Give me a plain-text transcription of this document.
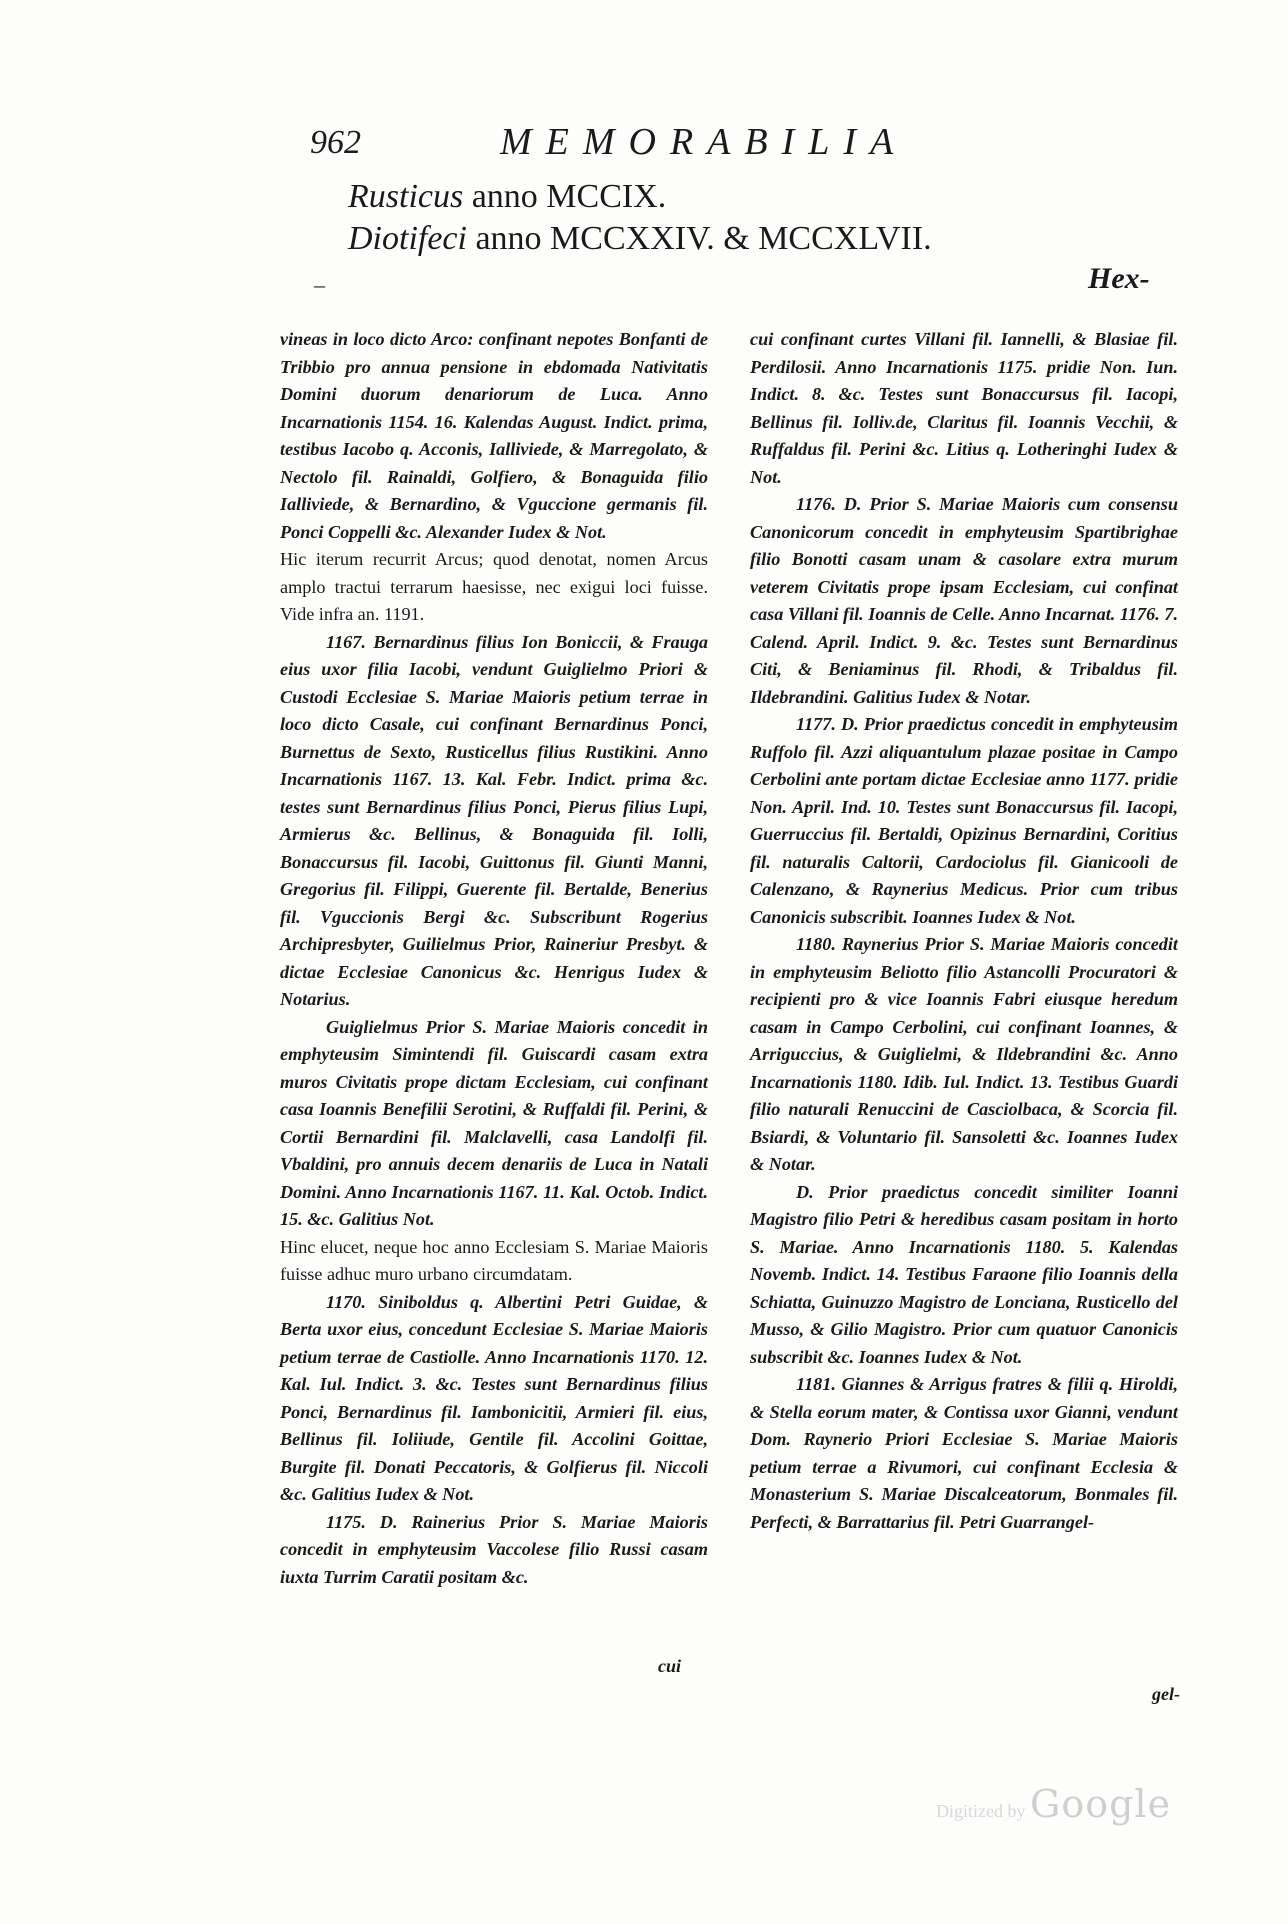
962	MEMORABILIA
Rusticus anno MCCIX.
Diotifeci anno MCCXXIV. & MCCXLVII.
Hex-
–

vineas in loco dicto Arco: confinant nepotes Bonfanti de Tribbio pro annua pensione in ebdomada Nativitatis Domini duorum denariorum de Luca. Anno Incarnationis 1154. 16. Kalendas August. Indict. prima, testibus Iacobo q. Acconis, Ialliviede, & Marregolato, & Nectolo fil. Rainaldi, Golfiero, & Bonaguida filio Ialliviede, & Bernardino, & Vguccione germanis fil. Ponci Coppelli &c. Alexander Iudex & Not.

Hic iterum recurrit Arcus; quod denotat, nomen Arcus amplo tractui terrarum haesisse, nec exigui loci fuisse. Vide infra an. 1191.

1167. Bernardinus filius Ion Boniccii, & Frauga eius uxor filia Iacobi, vendunt Guiglielmo Priori & Custodi Ecclesiae S. Mariae Maioris petium terrae in loco dicto Casale, cui confinant Bernardinus Ponci, Burnettus de Sexto, Rusticellus filius Rustikini. Anno Incarnationis 1167. 13. Kal. Febr. Indict. prima &c. testes sunt Bernardinus filius Ponci, Pierus filius Lupi, Armierus &c. Bellinus, & Bonaguida fil. Iolli, Bonaccursus fil. Iacobi, Guittonus fil. Giunti Manni, Gregorius fil. Filippi, Guerente fil. Bertalde, Benerius fil. Vguccionis Bergi &c. Subscribunt Rogerius Archipresbyter, Guilielmus Prior, Raineriur Presbyt. & dictae Ecclesiae Canonicus &c. Henrigus Iudex & Notarius.

Guiglielmus Prior S. Mariae Maioris concedit in emphyteusim Simintendi fil. Guiscardi casam extra muros Civitatis prope dictam Ecclesiam, cui confinant casa Ioannis Benefilii Serotini, & Ruffaldi fil. Perini, & Cortii Bernardini fil. Malclavelli, casa Landolfi fil. Vbaldini, pro annuis decem denariis de Luca in Natali Domini. Anno Incarnationis 1167. 11. Kal. Octob. Indict. 15. &c. Galitius Not.

Hinc elucet, neque hoc anno Ecclesiam S. Mariae Maioris fuisse adhuc muro urbano circumdatam.

1170. Siniboldus q. Albertini Petri Guidae, & Berta uxor eius, concedunt Ecclesiae S. Mariae Maioris petium terrae de Castiolle. Anno Incarnationis 1170. 12. Kal. Iul. Indict. 3. &c. Testes sunt Bernardinus filius Ponci, Bernardinus fil. Iambonicitii, Armieri fil. eius, Bellinus fil. Ioliiude, Gentile fil. Accolini Goittae, Burgite fil. Donati Peccatoris, & Golfierus fil. Niccoli &c. Galitius Iudex & Not.

1175. D. Rainerius Prior S. Mariae Maioris concedit in emphyteusim Vaccolese filio Russi casam iuxta Turrim Caratii positam &c.

cui confinant curtes Villani fil. Iannelli, & Blasiae fil. Perdilosii. Anno Incarnationis 1175. pridie Non. Iun. Indict. 8. &c. Testes sunt Bonaccursus fil. Iacopi, Bellinus fil. Iolliv.de, Claritus fil. Ioannis Vecchii, & Ruffaldus fil. Perini &c. Litius q. Lotheringhi Iudex & Not.

1176. D. Prior S. Mariae Maioris cum consensu Canonicorum concedit in emphyteusim Spartibrighae filio Bonotti casam unam & casolare extra murum veterem Civitatis prope ipsam Ecclesiam, cui confinat casa Villani fil. Ioannis de Celle. Anno Incarnat. 1176. 7. Calend. April. Indict. 9. &c. Testes sunt Bernardinus Citi, & Beniaminus fil. Rhodi, & Tribaldus fil. Ildebrandini. Galitius Iudex & Notar.

1177. D. Prior praedictus concedit in emphyteusim Ruffolo fil. Azzi aliquantulum plazae positae in Campo Cerbolini ante portam dictae Ecclesiae anno 1177. pridie Non. April. Ind. 10. Testes sunt Bonaccursus fil. Iacopi, Guerruccius fil. Bertaldi, Opizinus Bernardini, Coritius fil. naturalis Caltorii, Cardociolus fil. Gianicooli de Calenzano, & Raynerius Medicus. Prior cum tribus Canonicis subscribit. Ioannes Iudex & Not.

1180. Raynerius Prior S. Mariae Maioris concedit in emphyteusim Beliotto filio Astancolli Procuratori & recipienti pro & vice Ioannis Fabri eiusque heredum casam in Campo Cerbolini, cui confinant Ioannes, & Arriguccius, & Guiglielmi, & Ildebrandini &c. Anno Incarnationis 1180. Idib. Iul. Indict. 13. Testibus Guardi filio naturali Renuccini de Casciolbaca, & Scorcia fil. Bsiardi, & Voluntario fil. Sansoletti &c. Ioannes Iudex & Notar.

D. Prior praedictus concedit similiter Ioanni Magistro filio Petri & heredibus casam positam in horto S. Mariae. Anno Incarnationis 1180. 5. Kalendas Novemb. Indict. 14. Testibus Faraone filio Ioannis della Schiatta, Guinuzzo Magistro de Lonciana, Rusticello del Musso, & Gilio Magistro. Prior cum quatuor Canonicis subscribit &c. Ioannes Iudex & Not.

1181. Giannes & Arrigus fratres & filii q. Hiroldi, & Stella eorum mater, & Contissa uxor Gianni, vendunt Dom. Raynerio Priori Ecclesiae S. Mariae Maioris petium terrae a Rivumori, cui confinant Ecclesia & Monasterium S. Mariae Discalceatorum, Bonmales fil. Perfecti, & Barrattarius fil. Petri Guarrangel-

cui
gel-
Digitized by Google
